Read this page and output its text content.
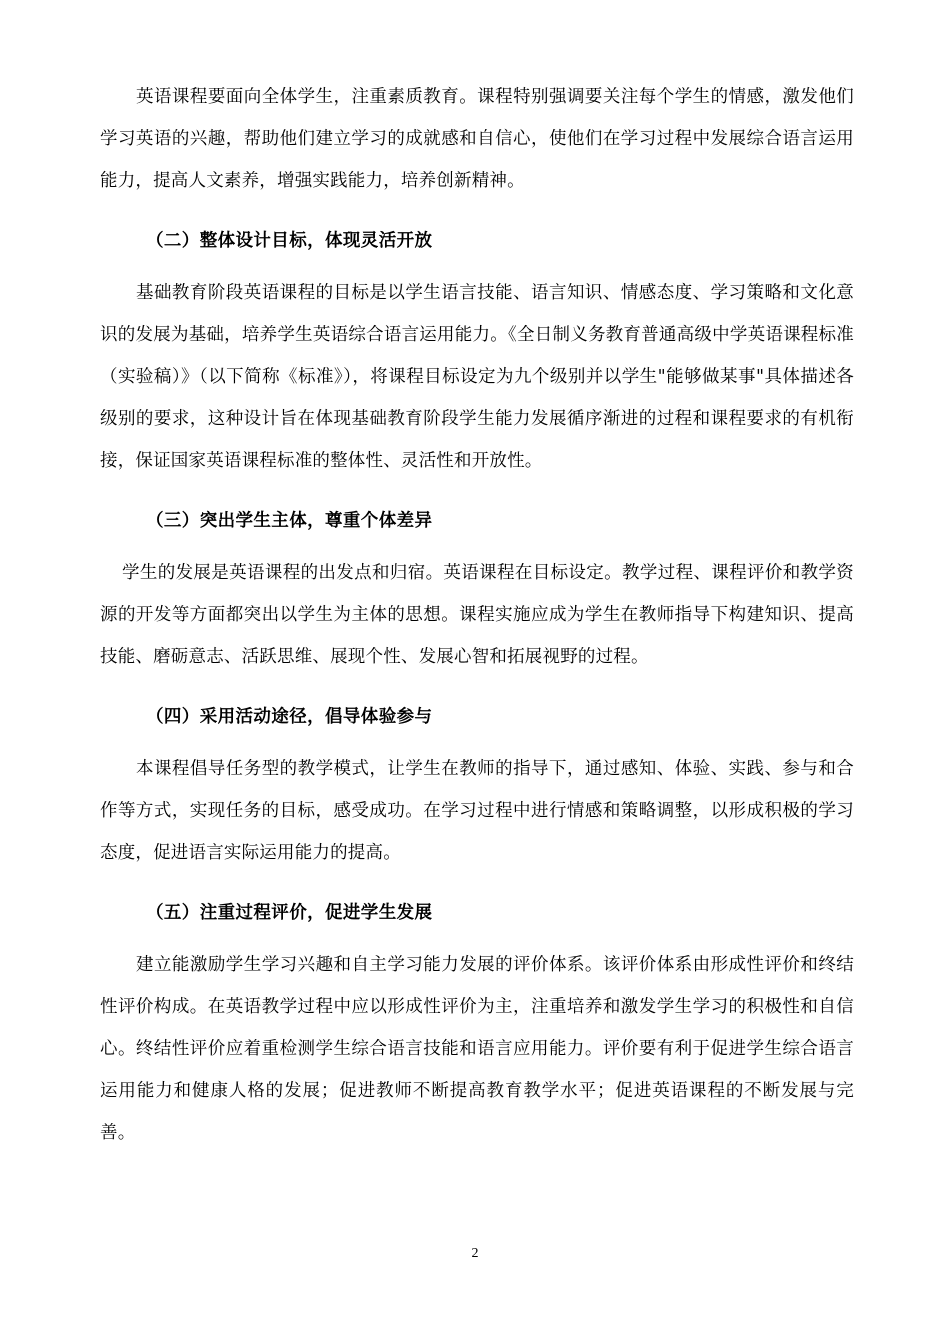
英语课程要面向全体学生，注重素质教育。课程特别强调要关注每个学生的情感，激发他们学习英语的兴趣，帮助他们建立学习的成就感和自信心，使他们在学习过程中发展综合语言运用能力，提高人文素养，增强实践能力，培养创新精神。

（二）整体设计目标，体现灵活开放

基础教育阶段英语课程的目标是以学生语言技能、语言知识、情感态度、学习策略和文化意识的发展为基础，培养学生英语综合语言运用能力。《全日制义务教育普通高级中学英语课程标准（实验稿）》（以下简称《标准》），将课程目标设定为九个级别并以学生"能够做某事"具体描述各级别的要求，这种设计旨在体现基础教育阶段学生能力发展循序渐进的过程和课程要求的有机衔接，保证国家英语课程标准的整体性、灵活性和开放性。

（三）突出学生主体，尊重个体差异

学生的发展是英语课程的出发点和归宿。英语课程在目标设定。教学过程、课程评价和教学资源的开发等方面都突出以学生为主体的思想。课程实施应成为学生在教师指导下构建知识、提高技能、磨砺意志、活跃思维、展现个性、发展心智和拓展视野的过程。

（四）采用活动途径，倡导体验参与

本课程倡导任务型的教学模式，让学生在教师的指导下，通过感知、体验、实践、参与和合作等方式，实现任务的目标，感受成功。在学习过程中进行情感和策略调整，以形成积极的学习态度，促进语言实际运用能力的提高。

（五）注重过程评价，促进学生发展

建立能激励学生学习兴趣和自主学习能力发展的评价体系。该评价体系由形成性评价和终结性评价构成。在英语教学过程中应以形成性评价为主，注重培养和激发学生学习的积极性和自信心。终结性评价应着重检测学生综合语言技能和语言应用能力。评价要有利于促进学生综合语言运用能力和健康人格的发展；促进教师不断提高教育教学水平；促进英语课程的不断发展与完善。

2
